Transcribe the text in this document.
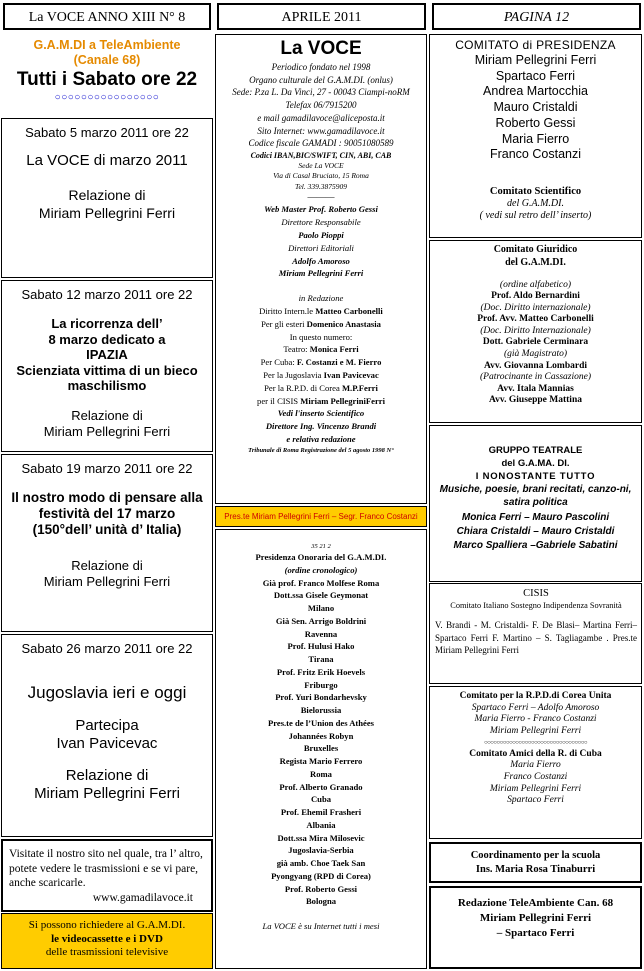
La VOCE ANNO XIII N° 8	APRILE 2011	PAGINA 12
G.A.M.DI a TeleAmbiente
(Canale 68)
Tutti i Sabato ore 22
○○○○○○○○○○○○○○○○
Sabato 5 marzo 2011 ore 22
La VOCE di marzo 2011
Relazione di
Miriam Pellegrini Ferri
Sabato 12 marzo 2011 ore 22
La ricorrenza dell’
8 marzo dedicato a
IPAZIA
Scienziata vittima di un bieco
maschilismo
Relazione di
Miriam Pellegrini Ferri
Sabato 19 marzo 2011 ore 22
Il nostro modo di pensare alla
festività del 17 marzo
(150°dell’ unità d’ Italia)
Relazione di
Miriam Pellegrini Ferri
Sabato 26 marzo 2011 ore 22
Jugoslavia ieri e oggi
Partecipa
Ivan Pavicevac
Relazione di
Miriam Pellegrini Ferri
Visitate il nostro sito nel quale, tra l’ altro, potete vedere le trasmissioni e se vi pare, anche scaricarle.
www.gamadilavoce.it
Si possono richiedere al G.A.M.DI.
le videocassette e i DVD
delle trasmissioni televisive
La VOCE
Periodico fondato nel 1998
Organo culturale del G.A.M.DI. (onlus)
Sede: P.za L. Da Vinci, 27 - 00043 Ciampi-noRM
Telefax 06/7915200
e mail gamadilavoce@aliceposta.it
Sito Internet: www.gamadilavoce.it
Codice fiscale GAMADI : 90051080589
Codici IBAN,BIC/SWIFT, CIN, ABI, CAB
Sede La VOCE
Via di Casal Bruciato, 15 Roma
Tel. 339.3875909
———
Web Master Prof. Roberto Gessi
Direttore Responsabile
Paolo Pioppi
Direttori Editoriali
Adolfo Amoroso
Miriam Pellegrini Ferri
in Redazione
Diritto Intern.le Matteo Carbonelli
Per gli esteri Domenico Anastasia
In questo numero:
Teatro: Monica Ferri
Per Cuba: F. Costanzi e M. Fierro
Per la Jugoslavia Ivan Pavicevac
Per la R.P.D. di Corea M.P.Ferri
per il CISIS Miriam PellegriniFerri
Vedi l'inserto Scientifico
Direttore Ing. Vincenzo Brandi
e relativa redazione
Tribunale di Roma Registrazione del 5 agosto 1998 N°
Pres.te Miriam Pellegrini Ferri – Segr. Franco Costanzi
35 21 2
Presidenza Onoraria del G.A.M.DI.
(ordine cronologico)
Già prof. Franco Molfese Roma
Dott.ssa Gisele Geymonat
Milano
Già Sen. Arrigo Boldrini
Ravenna
Prof. Hulusi Hako
Tirana
Prof. Fritz Erik Hoevels
Friburgo
Prof. Yuri Bondarhevsky
Bielorussia
Pres.te de l’Union des Athées
Johannées Robyn
Bruxelles
Regista Mario Ferrero
Roma
Prof. Alberto Granado
Cuba
Prof. Ehemil Frasheri
Albania
Dott.ssa Mira Milosevic
Jugoslavia-Serbia
già amb. Choe Taek San
Pyongyang (RPD di Corea)
Prof. Roberto Gessi
Bologna
La VOCE è su Internet tutti i mesi
COMITATO di PRESIDENZA
Miriam Pellegrini Ferri
Spartaco Ferri
Andrea Martocchia
Mauro Cristaldi
Roberto Gessi
Maria Fierro
Franco Costanzi
Comitato Scientifico
del G.A.M.DI.
( vedi sul retro dell’ inserto)
Comitato Giuridico
del G.A.M.DI.
(ordine alfabetico)
Prof. Aldo Bernardini
(Doc. Diritto internazionale)
Prof. Avv. Matteo Carbonelli
(Doc. Diritto Internazionale)
Dott. Gabriele Cerminara
(già Magistrato)
Avv. Giovanna Lombardi
(Patrocinante in Cassazione)
Avv. Itala Mannias
Avv. Giuseppe Mattina
GRUPPO TEATRALE
del G.A.MA. DI.
I NONOSTANTE TUTTO
Musiche, poesie, brani recitati, canzo-ni, satira politica
Monica Ferri – Mauro Pascolini
Chiara Cristaldi – Mauro Cristaldi
Marco Spalliera –Gabriele Sabatini
CISIS
Comitato Italiano Sostegno Indipendenza Sovranità
V. Brandi - M. Cristaldi- F. De Blasi– Martina Ferri– Spartaco Ferri F. Martino – S. Tagliagambe . Pres.te Miriam Pellegrini Ferri
Comitato per la R.P.D.di Corea Unita
Spartaco Ferri – Adolfo Amoroso
Maria Fierro - Franco Costanzi
Miriam Pellegrini Ferri
○○○○○○○○○○○○○○○○○○○○○○○○○○○○○○○○○
Comitato Amici della R. di Cuba
Maria Fierro
Franco Costanzi
Miriam Pellegrini Ferri
Spartaco Ferri
Coordinamento per la scuola
Ins. Maria Rosa Tinaburri
Redazione TeleAmbiente Can. 68
Miriam Pellegrini Ferri
– Spartaco Ferri
